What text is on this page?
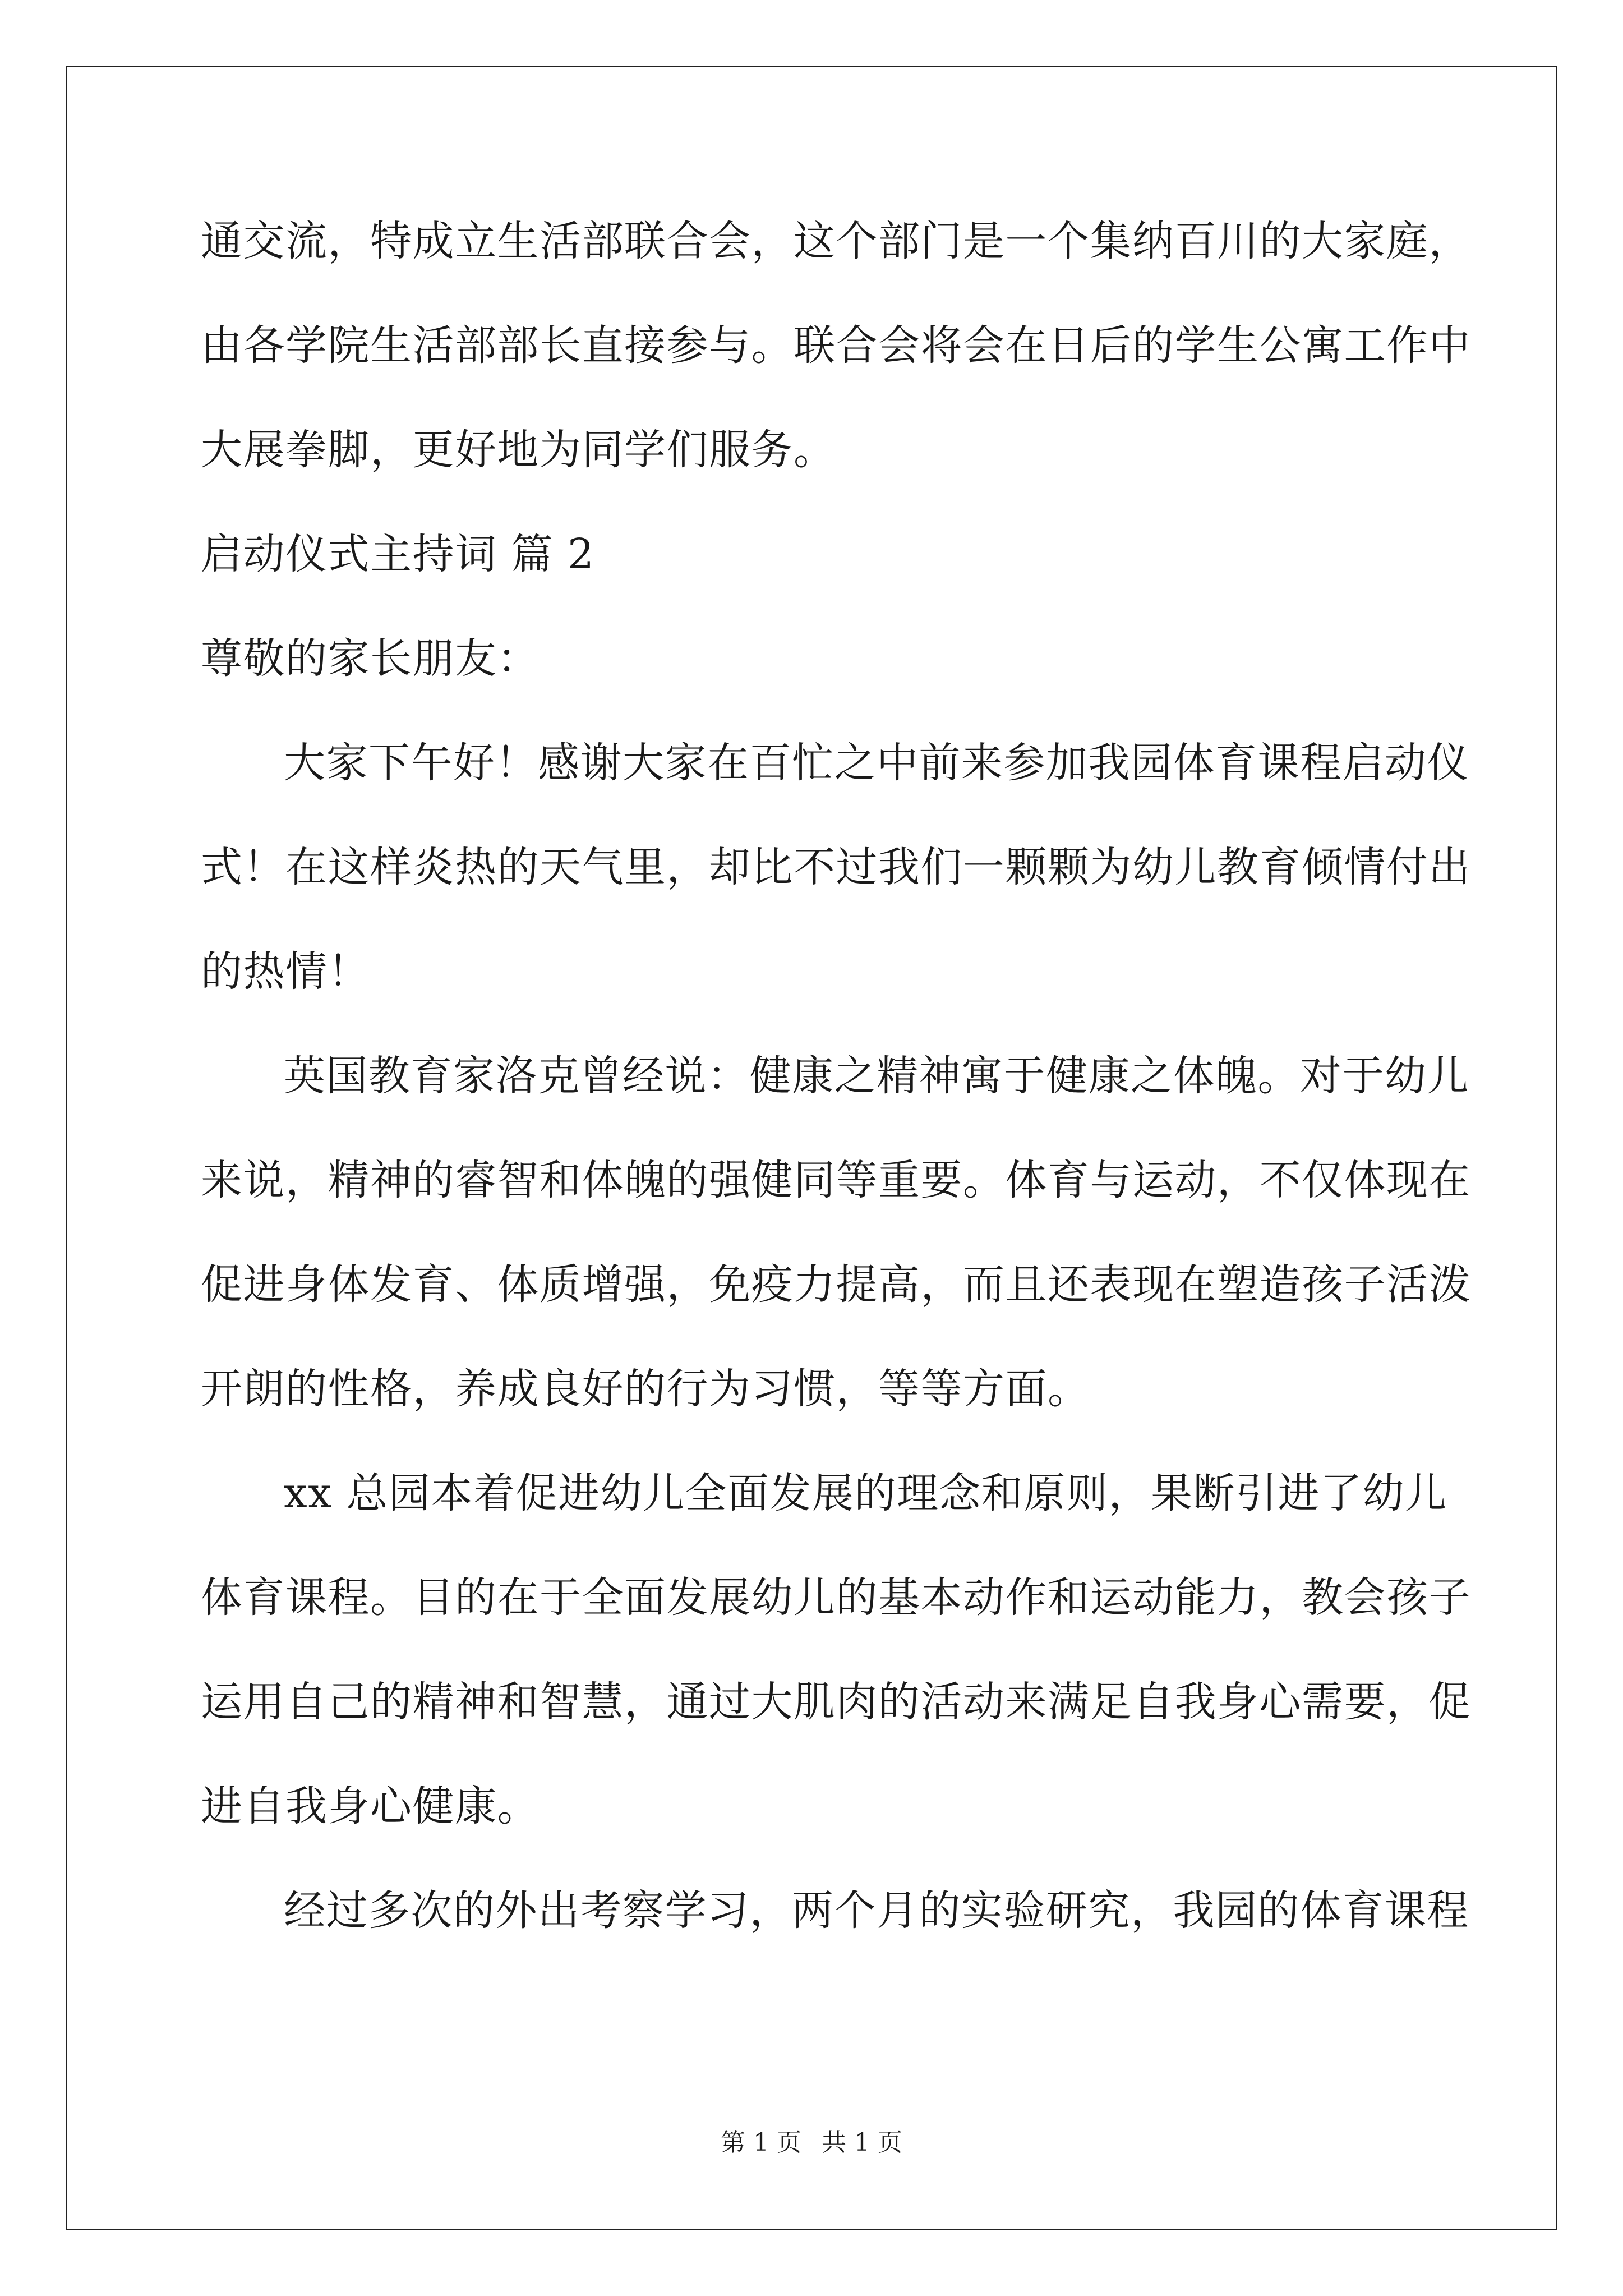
通交流，特成立生活部联合会，这个部门是一个集纳百川的大家庭，
由各学院生活部部长直接参与。联合会将会在日后的学生公寓工作中
大展拳脚，更好地为同学们服务。
启动仪式主持词 篇 2
尊敬的家长朋友：
大家下午好！感谢大家在百忙之中前来参加我园体育课程启动仪
式！在这样炎热的天气里，却比不过我们一颗颗为幼儿教育倾情付出
的热情！
英国教育家洛克曾经说：健康之精神寓于健康之体魄。对于幼儿
来说，精神的睿智和体魄的强健同等重要。体育与运动，不仅体现在
促进身体发育、体质增强，免疫力提高，而且还表现在塑造孩子活泼
开朗的性格，养成良好的行为习惯，等等方面。
xx 总园本着促进幼儿全面发展的理念和原则，果断引进了幼儿
体育课程。目的在于全面发展幼儿的基本动作和运动能力，教会孩子
运用自己的精神和智慧，通过大肌肉的活动来满足自我身心需要，促
进自我身心健康。
经过多次的外出考察学习，两个月的实验研究，我园的体育课程
第 1 页 共 1 页
